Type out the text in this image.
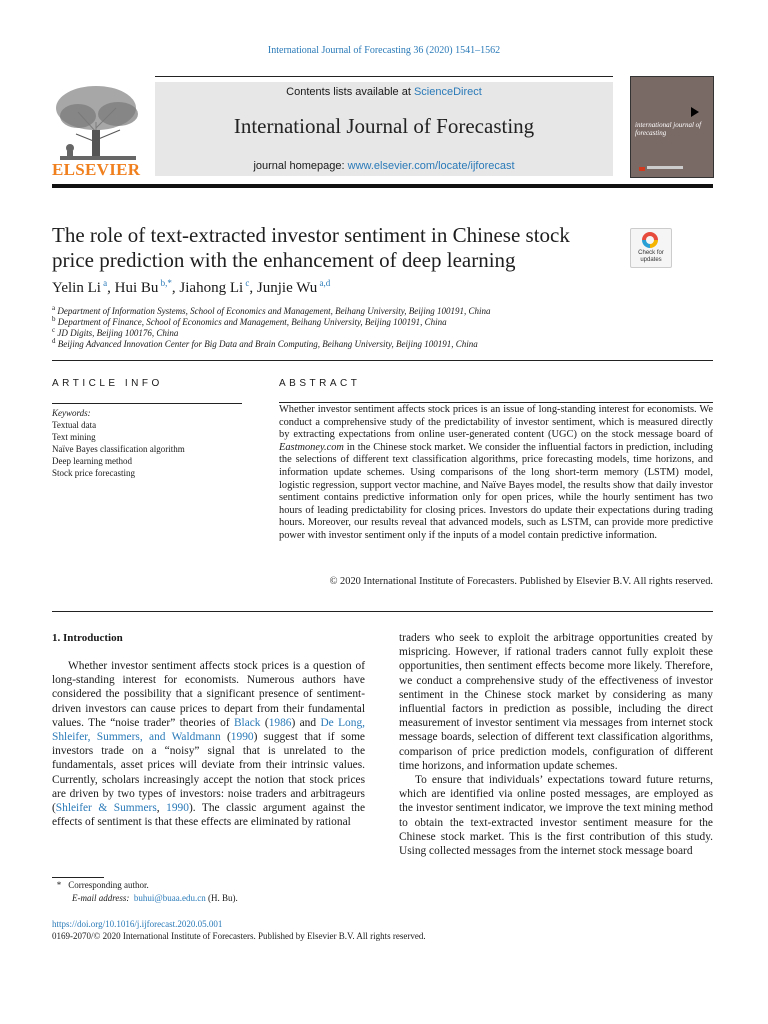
International Journal of Forecasting 36 (2020) 1541–1562
ELSEVIER
Contents lists available at ScienceDirect
International Journal of Forecasting
journal homepage: www.elsevier.com/locate/ijforecast
international journal of forecasting
The role of text-extracted investor sentiment in Chinese stock
price prediction with the enhancement of deep learning	Check for
updates
Yelin Li $^a$, Hui Bu $^{b,*}$, Jiahong Li $^c$, Junjie Wu $^{a,d}$
$^a$ Department of Information Systems, School of Economics and Management, Beihang University, Beijing 100191, China
$^b$ Department of Finance, School of Economics and Management, Beihang University, Beijing 100191, China
$^c$ JD Digits, Beijing 100176, China
$^d$ Beijing Advanced Innovation Center for Big Data and Brain Computing, Beihang University, Beijing 100191, China
ARTICLE INFO	ABSTRACT
Keywords:
Textual data
Text mining
Naïve Bayes classification algorithm
Deep learning method
Stock price forecasting
Whether investor sentiment affects stock prices is an issue of long-standing interest for economists. We conduct a comprehensive study of the predictability of investor sentiment, which is measured directly by extracting expectations from online user-generated content (UGC) on the stock message board of Eastmoney.com in the Chinese stock market. We consider the influential factors in prediction, including the selections of different text classification algorithms, price forecasting models, time horizons, and information update schemes. Using comparisons of the long short-term memory (LSTM) model, logistic regression, support vector machine, and Naïve Bayes model, the results show that daily investor sentiment contains predictive information only for open prices, while the hourly sentiment has two hours of leading predictability for closing prices. Investors do update their expectations during trading hours. Moreover, our results reveal that advanced models, such as LSTM, can provide more predictive power with investor sentiment only if the inputs of a model contain predictive information.
© 2020 International Institute of Forecasters. Published by Elsevier B.V. All rights reserved.
1. Introduction

Whether investor sentiment affects stock prices is a question of long-standing interest for economists. Numerous authors have considered the possibility that a significant presence of sentiment-driven investors can cause prices to depart from their fundamental values. The “noise trader” theories of Black (1986) and De Long, Shleifer, Summers, and Waldmann (1990) suggest that if some investors trade on a “noisy” signal that is unrelated to the fundamentals, asset prices will deviate from their intrinsic values. Currently, scholars increasingly accept the notion that stock prices are driven by two types of investors: noise traders and arbitrageurs (Shleifer & Summers, 1990). The classic argument against the effects of sentiment is that these effects are eliminated by rational

traders who seek to exploit the arbitrage opportunities created by mispricing. However, if rational traders cannot fully exploit these opportunities, then sentiment effects become more likely. Therefore, we conduct a comprehensive study of the effectiveness of investor sentiment in the Chinese stock market by considering as many influential factors in prediction as possible, including the direct measurement of investor sentiment via messages from internet stock message boards, selection of different text classification algorithms, comparison of price prediction models, configuration of different time horizons, and information update schemes.

To ensure that individuals’ expectations toward future returns, which are identified via online posted messages, are employed as the investor sentiment indicator, we improve the text mining method to obtain the text-extracted investor sentiment measure for the Chinese stock market. This is the first contribution of this study. Using collected messages from the internet stock message board

* Corresponding author.
E-mail address: buhui@buaa.edu.cn (H. Bu).
https://doi.org/10.1016/j.ijforecast.2020.05.001
0169-2070/© 2020 International Institute of Forecasters. Published by Elsevier B.V. All rights reserved.
